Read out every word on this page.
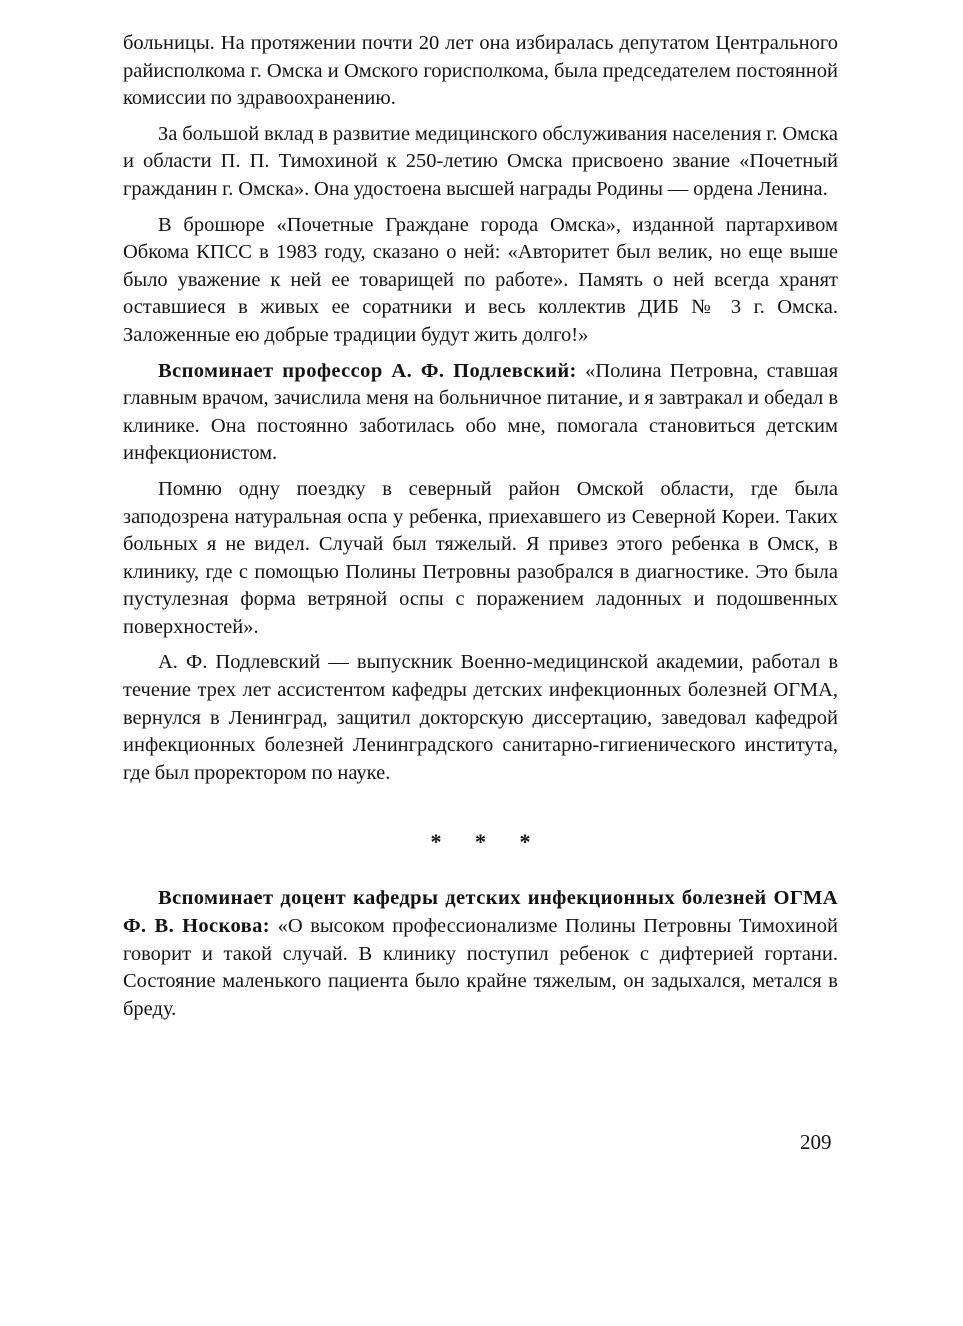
больницы. На протяжении почти 20 лет она избиралась депутатом Центрального райисполкома г. Омска и Омского горисполкома, была председателем постоянной комиссии по здравоохранению.

За большой вклад в развитие медицинского обслуживания населения г. Омска и области П. П. Тимохиной к 250-летию Омска присвоено звание «Почетный гражданин г. Омска». Она удостоена высшей награды Родины — ордена Ленина.

В брошюре «Почетные Граждане города Омска», изданной партархивом Обкома КПСС в 1983 году, сказано о ней: «Авторитет был велик, но еще выше было уважение к ней ее товарищей по работе». Память о ней всегда хранят оставшиеся в живых ее соратники и весь коллектив ДИБ № 3 г. Омска. Заложенные ею добрые традиции будут жить долго!»

Вспоминает профессор А. Ф. Подлевский: «Полина Петровна, ставшая главным врачом, зачислила меня на больничное питание, и я завтракал и обедал в клинике. Она постоянно заботилась обо мне, помогала становиться детским инфекционистом.

Помню одну поездку в северный район Омской области, где была заподозрена натуральная оспа у ребенка, приехавшего из Северной Кореи. Таких больных я не видел. Случай был тяжелый. Я привез этого ребенка в Омск, в клинику, где с помощью Полины Петровны разобрался в диагностике. Это была пустулезная форма ветряной оспы с поражением ладонных и подошвенных поверхностей».

А. Ф. Подлевский — выпускник Военно-медицинской академии, работал в течение трех лет ассистентом кафедры детских инфекционных болезней ОГМА, вернулся в Ленинград, защитил докторскую диссертацию, заведовал кафедрой инфекционных болезней Ленинградского санитарно-гигиенического института, где был проректором по науке.

* * *

Вспоминает доцент кафедры детских инфекционных болезней ОГМА Ф. В. Носкова: «О высоком профессионализме Полины Петровны Тимохиной говорит и такой случай. В клинику поступил ребенок с дифтерией гортани. Состояние маленького пациента было крайне тяжелым, он задыхался, метался в бреду.

209
